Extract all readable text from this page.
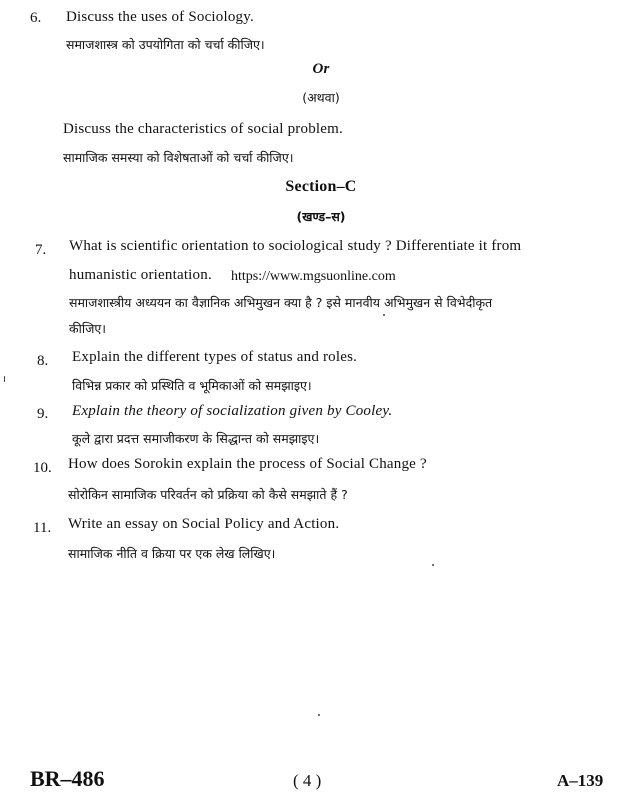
6. Discuss the uses of Sociology.
समाजशास्त्र को उपयोगिता को चर्चा कीजिए।
Or
(अथवा)
Discuss the characteristics of social problem.
सामाजिक समस्या को विशेषताओं को चर्चा कीजिए।
Section–C
(खण्ड–स)
7. What is scientific orientation to sociological study ? Differentiate it from
humanistic orientation. https://www.mgsuonline.com
समाजशास्त्रीय अध्ययन का वैज्ञानिक अभिमुखन क्या है ? इसे मानवीय अभिमुखन से विभेदीकृत
कीजिए।
8. Explain the different types of status and roles.
विभिन्न प्रकार को प्रस्थिति व भूमिकाओं को समझाइए।
9. Explain the theory of socialization given by Cooley.
कूले द्वारा प्रदत्त समाजीकरण के सिद्धान्त को समझाइए।
10. How does Sorokin explain the process of Social Change ?
सोरोकिन सामाजिक परिवर्तन को प्रक्रिया को कैसे समझाते हैं ?
11. Write an essay on Social Policy and Action.
सामाजिक नीति व क्रिया पर एक लेख लिखिए।
BR–486	( 4 )	A–139
